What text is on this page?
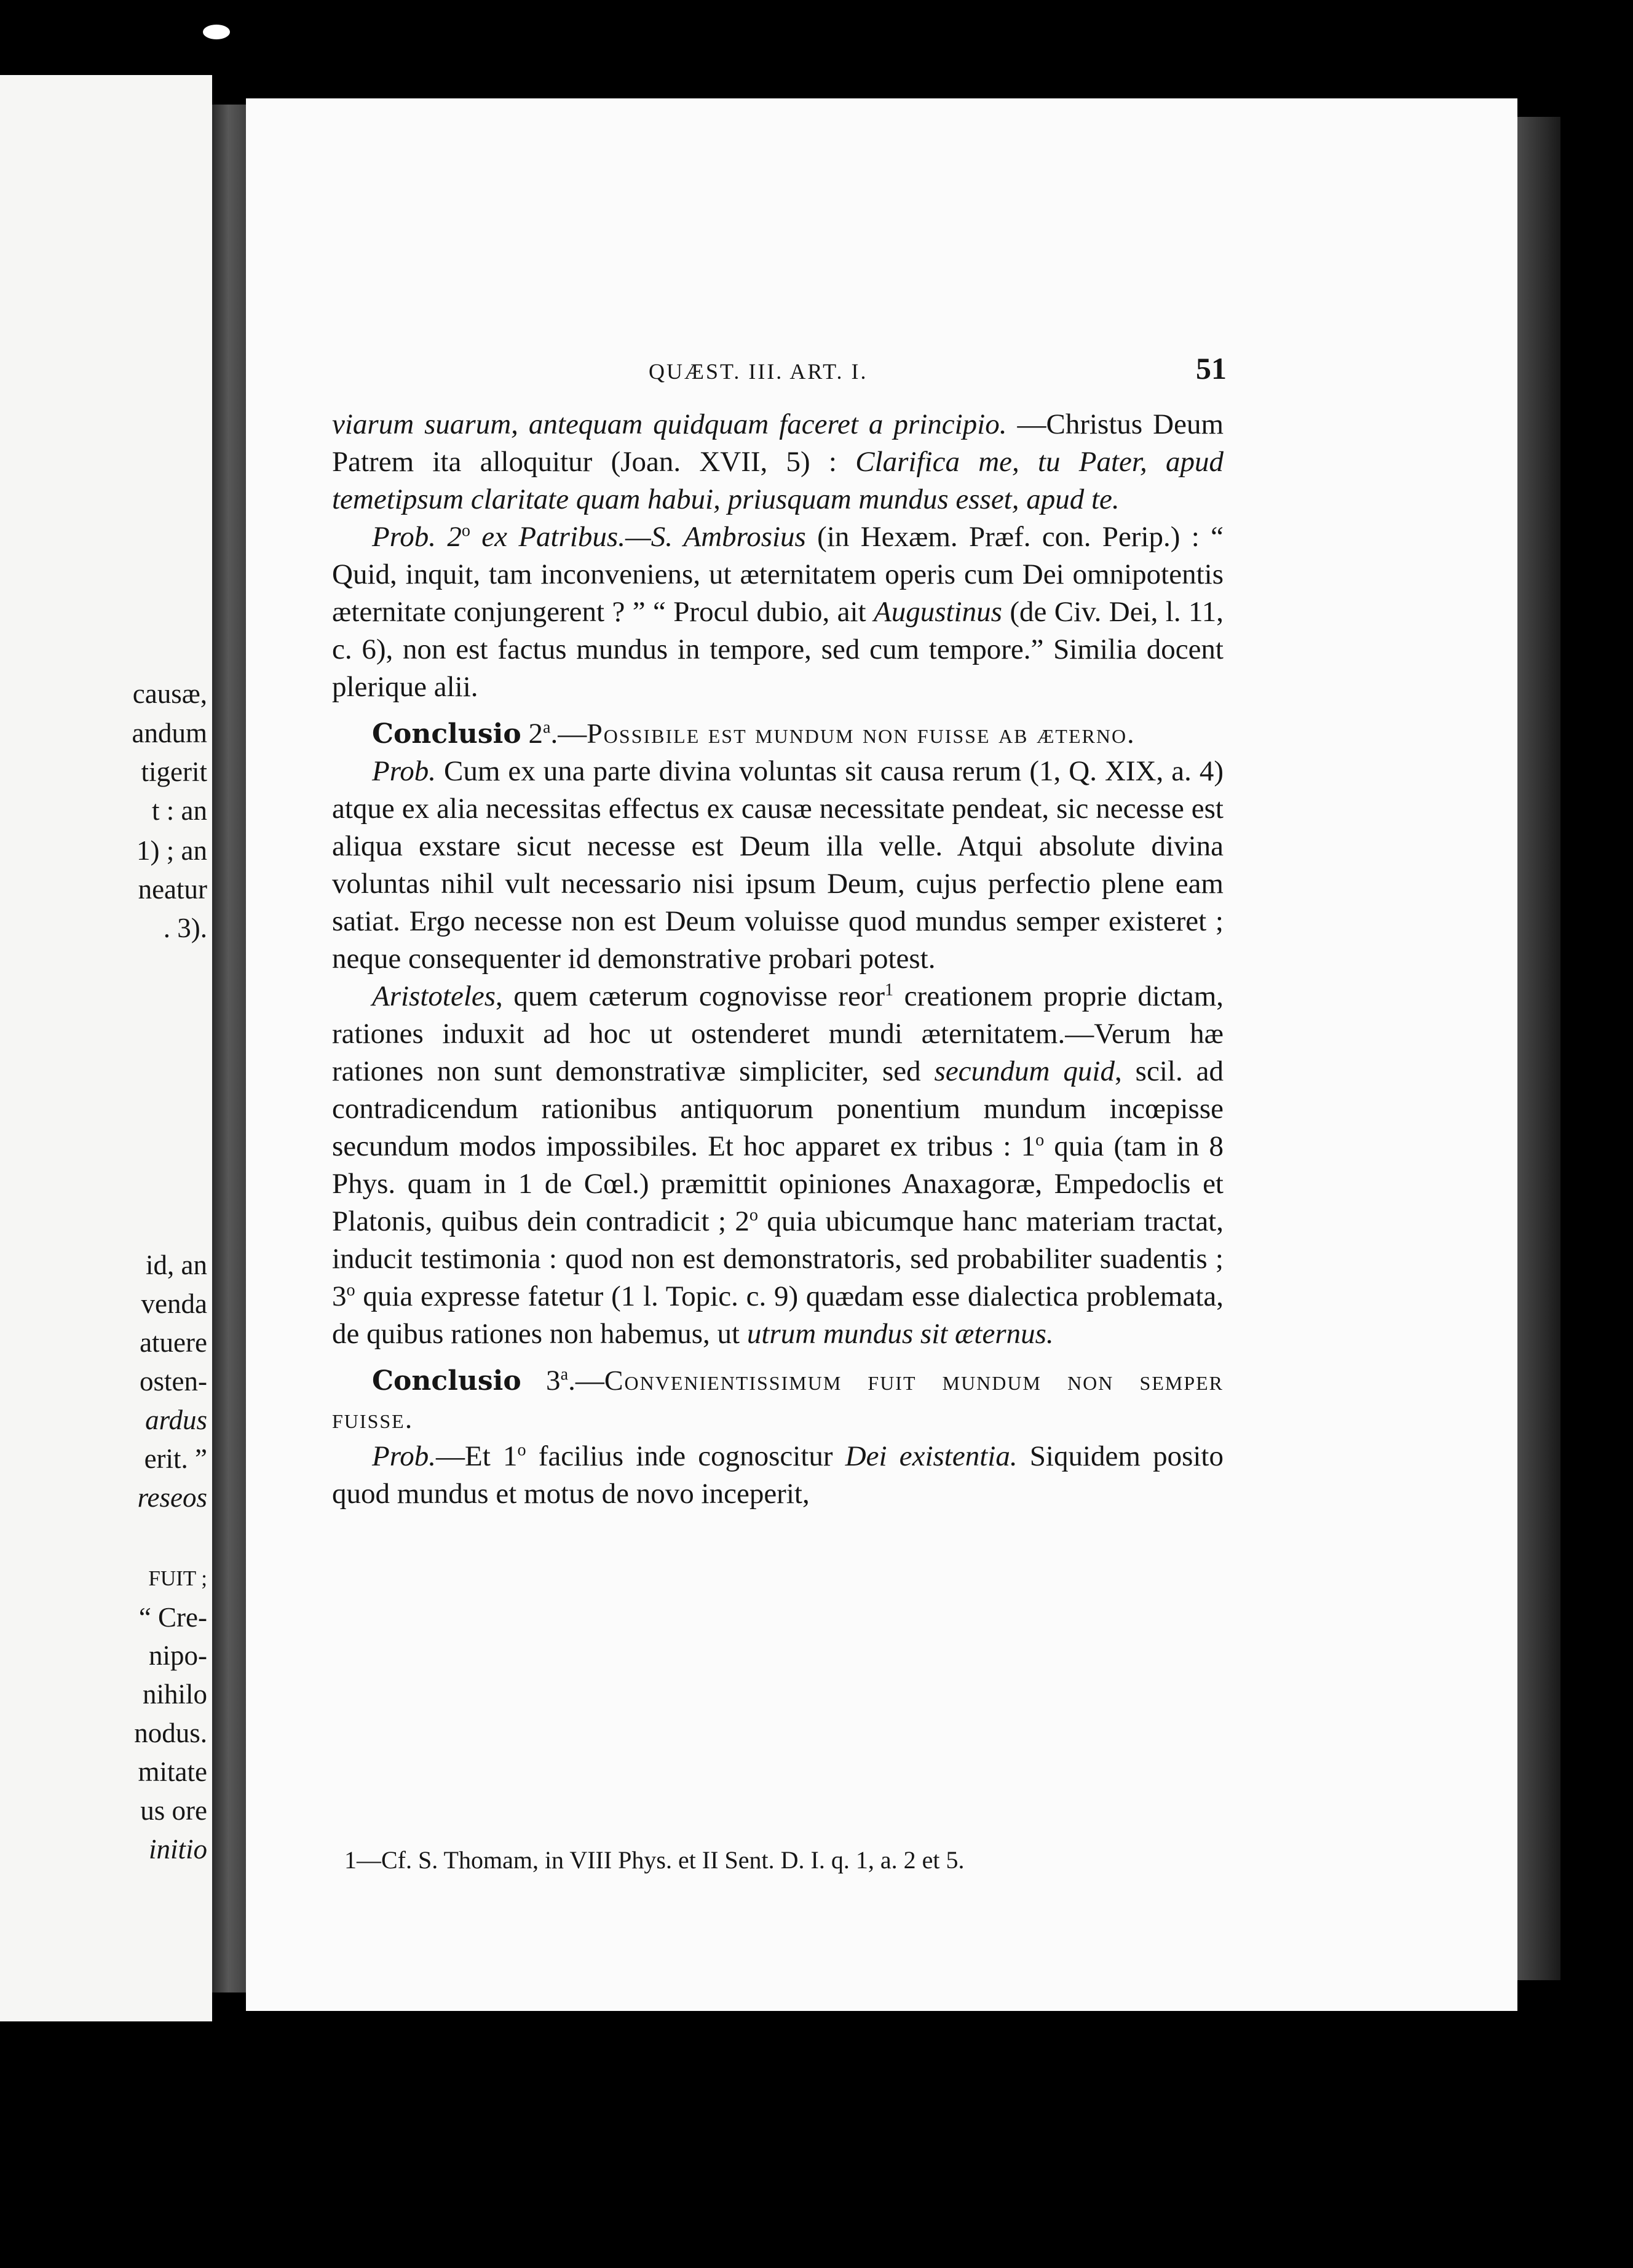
causæ,

andum

tigerit

t : an

1) ; an

neatur

. 3).

id, an

venda

atuere

osten-

ardus

erit. ”

reseos

FUIT ;

“ Cre-

nipo-

nihilo

nodus.

mitate

us ore

initio

QUÆST. III. ART. I.	51

viarum suarum, antequam quidquam faceret a principio. —Christus Deum Patrem ita alloquitur (Joan. XVII, 5) : Clarifica me, tu Pater, apud temetipsum claritate quam habui, priusquam mundus esset, apud te.

Prob. 2$^o$ ex Patribus.—S. Ambrosius (in Hexæm. Præf. con. Perip.) : “ Quid, inquit, tam inconveniens, ut æternitatem operis cum Dei omnipotentis æternitate conjungerent ? ” “ Procul dubio, ait Augustinus (de Civ. Dei, l. 11, c. 6), non est factus mundus in tempore, sed cum tempore.” Similia docent plerique alii.

Conclusio 2$^a$.—Possibile est mundum non fuisse ab æterno.

Prob. Cum ex una parte divina voluntas sit causa rerum (1, Q. XIX, a. 4) atque ex alia necessitas effectus ex causæ necessitate pendeat, sic necesse est aliqua exstare sicut necesse est Deum illa velle. Atqui absolute divina voluntas nihil vult necessario nisi ipsum Deum, cujus perfectio plene eam satiat. Ergo necesse non est Deum voluisse quod mundus semper existeret ; neque consequenter id demonstrative probari potest.

Aristoteles, quem cæterum cognovisse reor$^1$ creationem proprie dictam, rationes induxit ad hoc ut ostenderet mundi æternitatem.—Verum hæ rationes non sunt demonstrativæ simpliciter, sed secundum quid, scil. ad contradicendum rationibus antiquorum ponentium mundum incœpisse secundum modos impossibiles. Et hoc apparet ex tribus : 1$^o$ quia (tam in 8 Phys. quam in 1 de Cœl.) præmittit opiniones Anaxagoræ, Empedoclis et Platonis, quibus dein contradicit ; 2$^o$ quia ubicumque hanc materiam tractat, inducit testimonia : quod non est demonstratoris, sed probabiliter suadentis ; 3$^o$ quia expresse fatetur (1 l. Topic. c. 9) quædam esse dialectica problemata, de quibus rationes non habemus, ut utrum mundus sit æternus.

Conclusio 3$^a$.—Convenientissimum fuit mundum non semper fuisse.

Prob.—Et 1$^o$ facilius inde cognoscitur Dei existentia. Siquidem posito quod mundus et motus de novo inceperit,

1—Cf. S. Thomam, in VIII Phys. et II Sent. D. I. q. 1, a. 2 et 5.
